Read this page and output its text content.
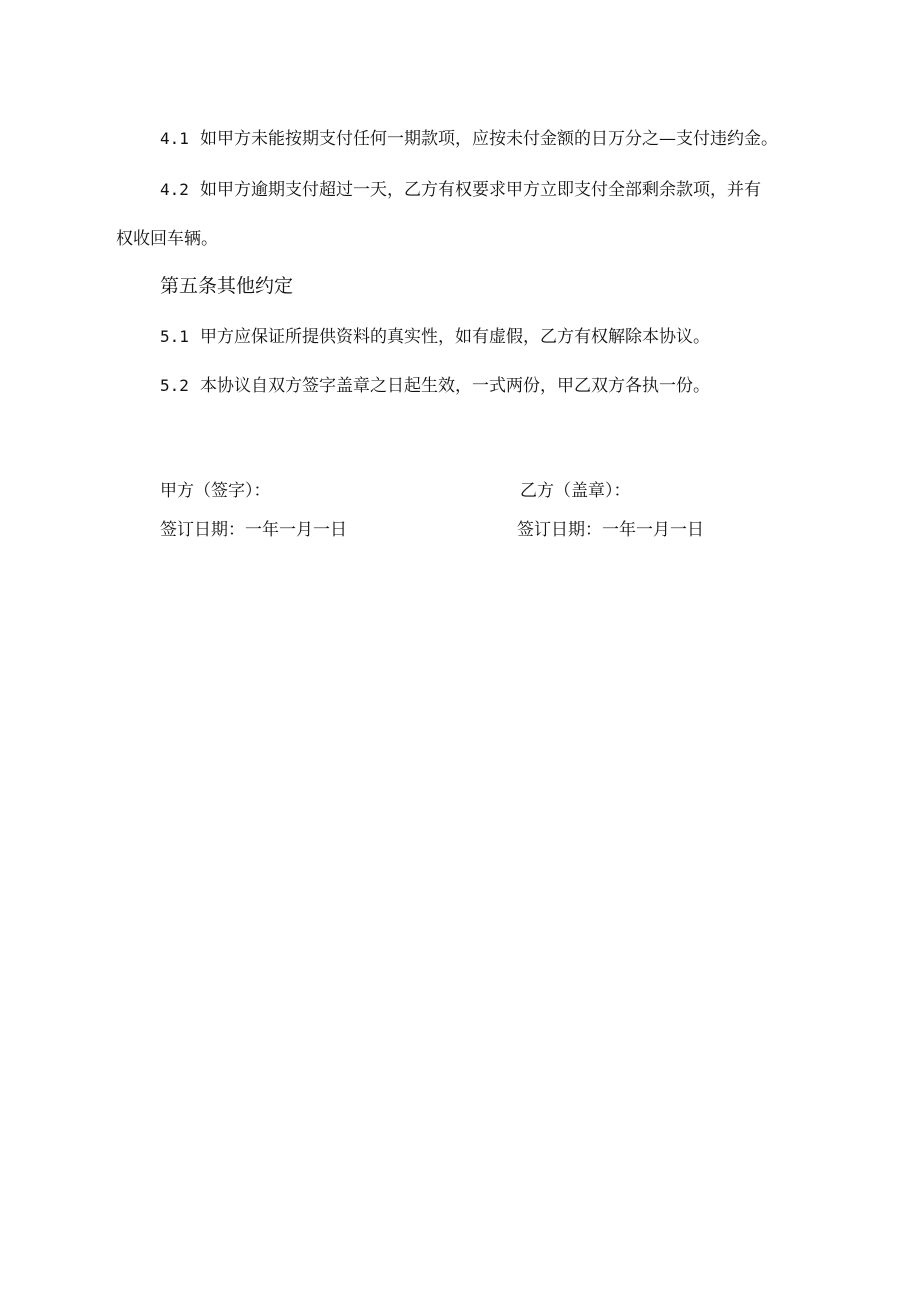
4.1 如甲方未能按期支付任何一期款项，应按未付金额的日万分之—支付违约金。
4.2 如甲方逾期支付超过一天，乙方有权要求甲方立即支付全部剩余款项，并有
权收回车辆。
第五条其他约定
5.1 甲方应保证所提供资料的真实性，如有虚假，乙方有权解除本协议。
5.2 本协议自双方签字盖章之日起生效，一式两份，甲乙双方各执一份。
甲方（签字）：	乙方（盖章）：
签订日期：一年一月一日	签订日期：一年一月一日
